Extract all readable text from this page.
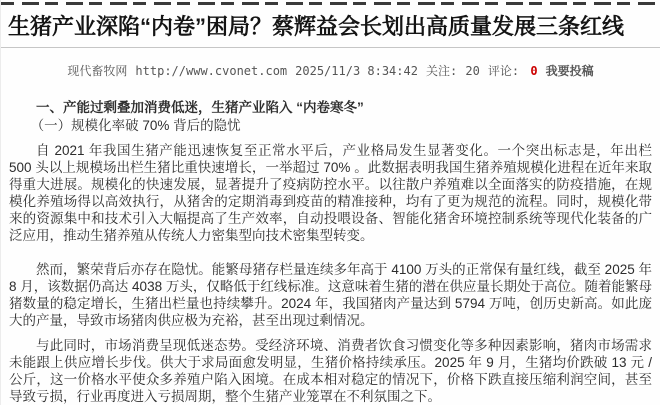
生猪产业深陷“内卷”困局？蔡辉益会长划出高质量发展三条红线
现代畜牧网 http://www.cvonet.com 2025/11/3 8:34:42 关注: 20 评论: 0 我要投稿

一、产能过剩叠加消费低迷，生猪产业陷入 “内卷寒冬”

（一）规模化率破 70% 背后的隐忧

自 2021 年我国生猪产能迅速恢复至正常水平后，产业格局发生显著变化。一个突出标志是，年出栏 500 头以上规模场出栏生猪比重快速增长，一举超过 70% 。此数据表明我国生猪养殖规模化进程在近年来取得重大进展。规模化的快速发展，显著提升了疫病防控水平。以往散户养殖难以全面落实的防疫措施，在规模化养殖场得以高效执行，从猪舍的定期消毒到疫苗的精准接种，均有了更为规范的流程。同时，规模化带来的资源集中和技术引入大幅提高了生产效率，自动投喂设备、智能化猪舍环境控制系统等现代化装备的广泛应用，推动生猪养殖从传统人力密集型向技术密集型转变。

然而，繁荣背后亦存在隐忧。能繁母猪存栏量连续多年高于 4100 万头的正常保有量红线，截至 2025 年 8 月，该数据仍高达 4038 万头，仅略低于红线标准。这意味着生猪的潜在供应量长期处于高位。随着能繁母猪数量的稳定增长，生猪出栏量也持续攀升。2024 年，我国猪肉产量达到 5794 万吨，创历史新高。如此庞大的产量，导致市场猪肉供应极为充裕，甚至出现过剩情况。

与此同时，市场消费呈现低迷态势。受经济环境、消费者饮食习惯变化等多种因素影响，猪肉市场需求未能跟上供应增长步伐。供大于求局面愈发明显，生猪价格持续承压。2025 年 9 月，生猪均价跌破 13 元 / 公斤，这一价格水平使众多养殖户陷入困境。在成本相对稳定的情况下，价格下跌直接压缩利润空间，甚至导致亏损，行业再度进入亏损周期，整个生猪产业笼罩在不利氛围之下。
